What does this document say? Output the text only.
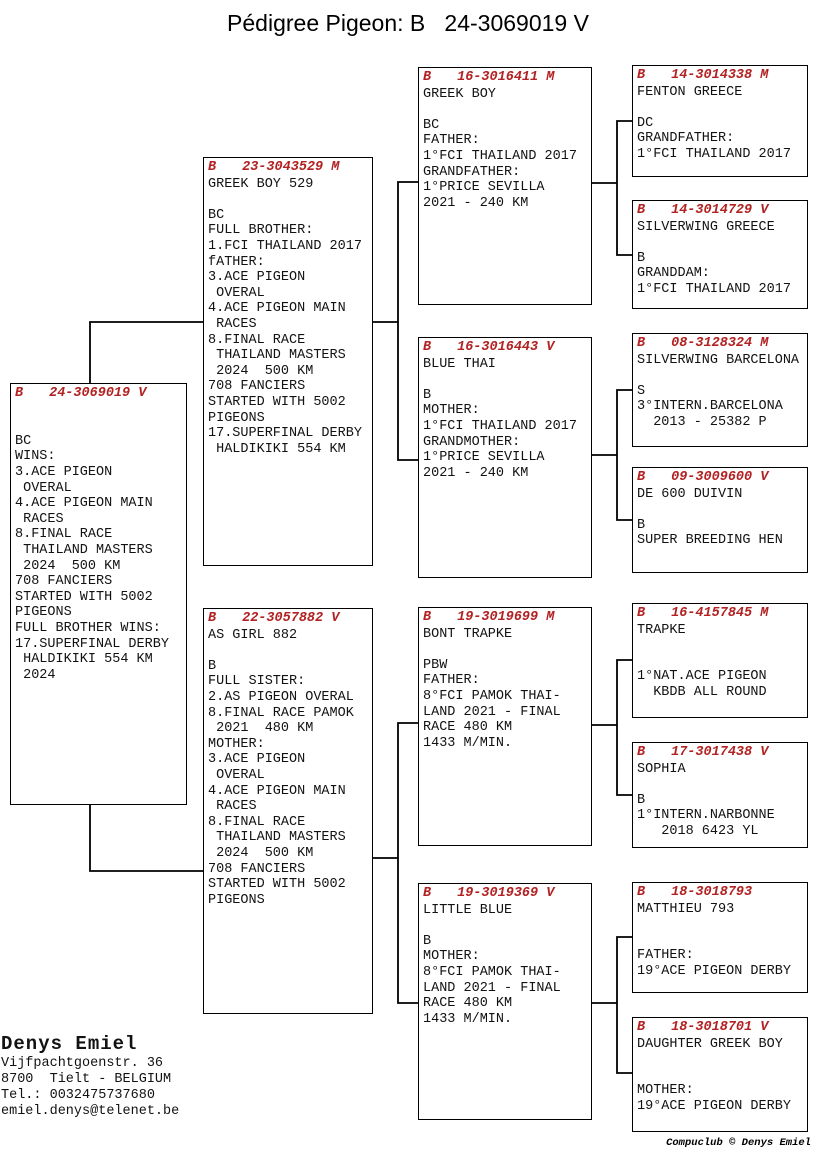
Pédigree Pigeon: B   24-3069019 V
B 24-3069019 V

BC
WINS:
3.ACE PIGEON
OVERAL
4.ACE PIGEON MAIN
RACES
8.FINAL RACE
THAILAND MASTERS
2024  500 KM
708 FANCIERS
STARTED WITH 5002
PIGEONS
FULL BROTHER WINS:
17.SUPERFINAL DERBY
HALDIKIKI 554 KM
2024
B 23-3043529 M
GREEK BOY 529

BC
FULL BROTHER:
1.FCI THAILAND 2017
fATHER:
3.ACE PIGEON
OVERAL
4.ACE PIGEON MAIN
RACES
8.FINAL RACE
THAILAND MASTERS
2024  500 KM
708 FANCIERS
STARTED WITH 5002
PIGEONS
17.SUPERFINAL DERBY
HALDIKIKI 554 KM
B 22-3057882 V
AS GIRL 882

B
FULL SISTER:
2.AS PIGEON OVERAL
8.FINAL RACE PAMOK
2021  480 KM
MOTHER:
3.ACE PIGEON
OVERAL
4.ACE PIGEON MAIN
RACES
8.FINAL RACE
THAILAND MASTERS
2024  500 KM
708 FANCIERS
STARTED WITH 5002
PIGEONS
B 16-3016411 M
GREEK BOY

BC
FATHER:
1°FCI THAILAND 2017
GRANDFATHER:
1°PRICE SEVILLA
2021 - 240 KM
B 16-3016443 V
BLUE THAI

B
MOTHER:
1°FCI THAILAND 2017
GRANDMOTHER:
1°PRICE SEVILLA
2021 - 240 KM
B 19-3019699 M
BONT TRAPKE

PBW
FATHER:
8°FCI PAMOK THAI-
LAND 2021 - FINAL
RACE 480 KM
1433 M/MIN.
B 19-3019369 V
LITTLE BLUE

B
MOTHER:
8°FCI PAMOK THAI-
LAND 2021 - FINAL
RACE 480 KM
1433 M/MIN.
B 14-3014338 M
FENTON GREECE

DC
GRANDFATHER:
1°FCI THAILAND 2017
B 14-3014729 V
SILVERWING GREECE

B
GRANDDAM:
1°FCI THAILAND 2017
B 08-3128324 M
SILVERWING BARCELONA

S
3°INTERN.BARCELONA
2013 - 25382 P
B 09-3009600 V
DE 600 DUIVIN

B
SUPER BREEDING HEN
B 16-4157845 M
TRAPKE

1°NAT.ACE PIGEON
KBDB ALL ROUND
B 17-3017438 V
SOPHIA

B
1°INTERN.NARBONNE
2018 6423 YL
B 18-3018793
MATTHIEU 793

FATHER:
19°ACE PIGEON DERBY
B 18-3018701 V
DAUGHTER GREEK BOY

MOTHER:
19°ACE PIGEON DERBY
Denys Emiel
Vijfpachtgoenstr. 36
8700  Tielt - BELGIUM
Tel.: 0032475737680
emiel.denys@telenet.be
Compuclub © Denys Emiel
